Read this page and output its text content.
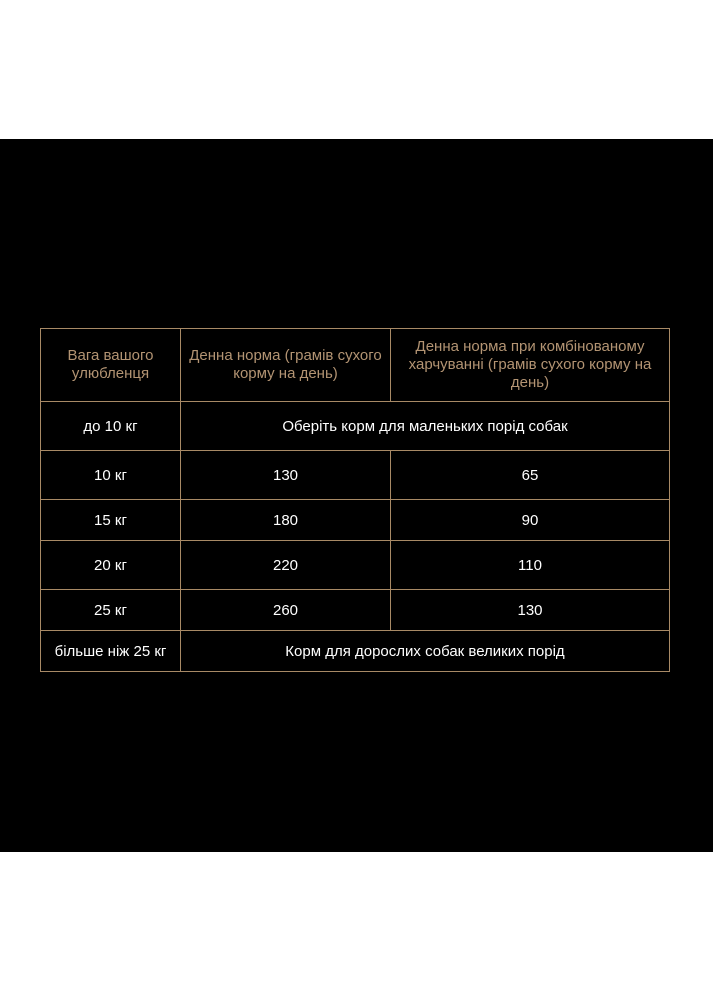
Вага вашого улюбленця	Денна норма (грамів сухого корму на день)	Денна норма при комбінованому харчуванні (грамів сухого корму на день)
до 10 кг	Оберіть корм для маленьких порід собак	
10 кг	130	65
15 кг	180	90
20 кг	220	110
25 кг	260	130
більше ніж 25 кг	Корм для дорослих собак великих порід	
